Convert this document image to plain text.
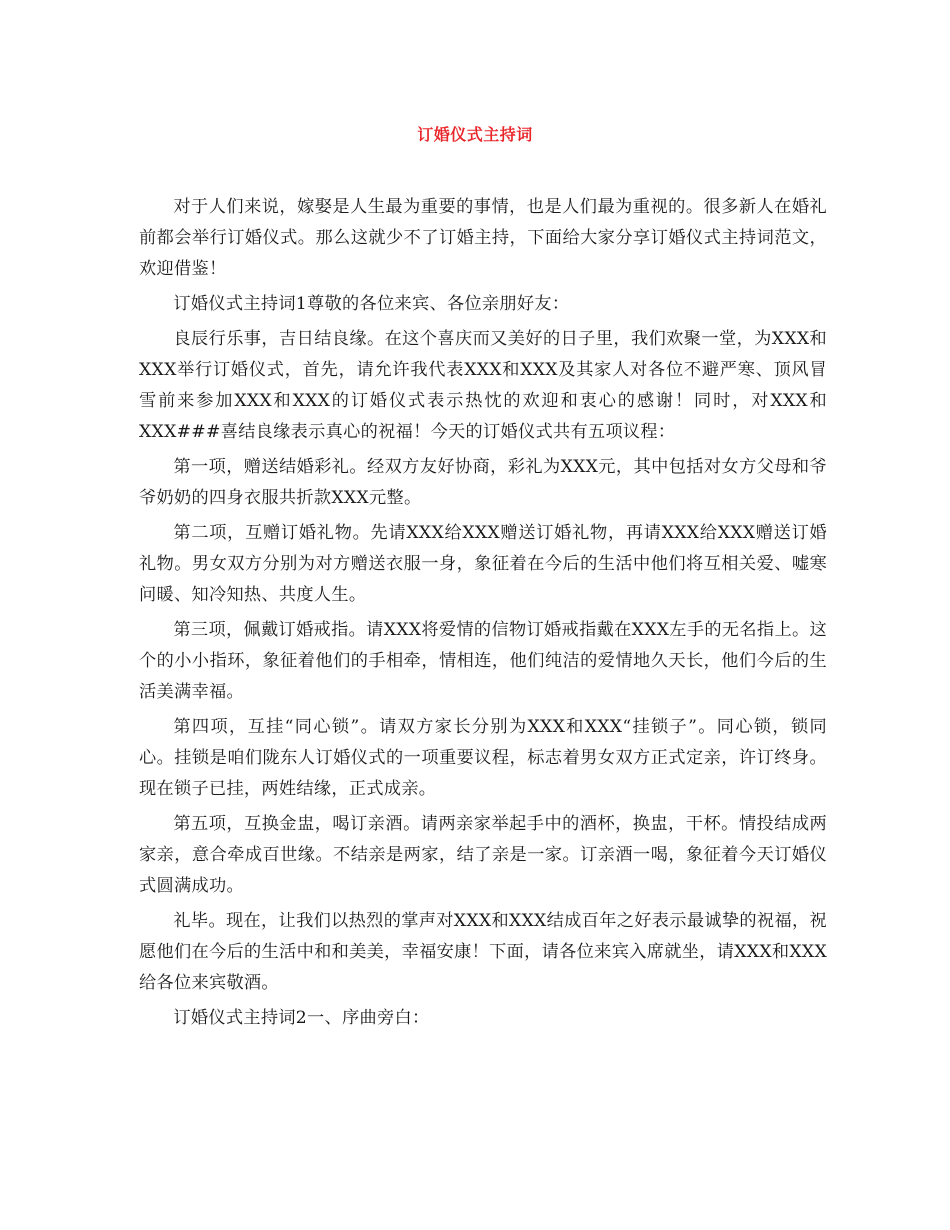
订婚仪式主持词

对于人们来说，嫁娶是人生最为重要的事情，也是人们最为重视的。很多新人在婚礼前都会举行订婚仪式。那么这就少不了订婚主持，下面给大家分享订婚仪式主持词范文，欢迎借鉴！

订婚仪式主持词1尊敬的各位来宾、各位亲朋好友：

良辰行乐事，吉日结良缘。在这个喜庆而又美好的日子里，我们欢聚一堂，为XXX和XXX举行订婚仪式，首先，请允许我代表XXX和XXX及其家人对各位不避严寒、顶风冒雪前来参加XXX和XXX的订婚仪式表示热忱的欢迎和衷心的感谢！同时，对XXX和XXX###喜结良缘表示真心的祝福！今天的订婚仪式共有五项议程：

第一项，赠送结婚彩礼。经双方友好协商，彩礼为XXX元，其中包括对女方父母和爷爷奶奶的四身衣服共折款XXX元整。

第二项，互赠订婚礼物。先请XXX给XXX赠送订婚礼物，再请XXX给XXX赠送订婚礼物。男女双方分别为对方赠送衣服一身，象征着在今后的生活中他们将互相关爱、嘘寒问暖、知冷知热、共度人生。

第三项，佩戴订婚戒指。请XXX将爱情的信物订婚戒指戴在XXX左手的无名指上。这个的小小指环，象征着他们的手相牵，情相连，他们纯洁的爱情地久天长，他们今后的生活美满幸福。

第四项，互挂“同心锁”。请双方家长分别为XXX和XXX“挂锁子”。同心锁，锁同心。挂锁是咱们陇东人订婚仪式的一项重要议程，标志着男女双方正式定亲，许订终身。现在锁子已挂，两姓结缘，正式成亲。

第五项，互换金盅，喝订亲酒。请两亲家举起手中的酒杯，换盅，干杯。情投结成两家亲，意合牵成百世缘。不结亲是两家，结了亲是一家。订亲酒一喝，象征着今天订婚仪式圆满成功。

礼毕。现在，让我们以热烈的掌声对XXX和XXX结成百年之好表示最诚挚的祝福，祝愿他们在今后的生活中和和美美，幸福安康！下面，请各位来宾入席就坐，请XXX和XXX给各位来宾敬酒。

订婚仪式主持词2一、序曲旁白：
